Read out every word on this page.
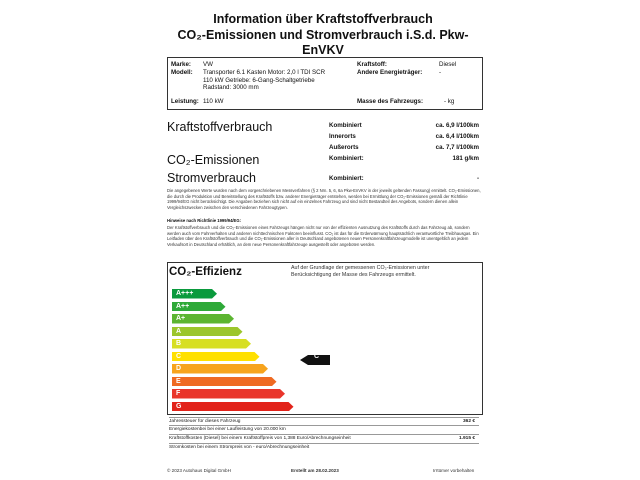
Information über Kraftstoffverbrauch
CO₂-Emissionen und Stromverbrauch i.S.d. Pkw-EnVKV
Marke: VW
Modell: Transporter 6.1 Kasten Motor: 2,0 l TDI SCR
110 kW Getriebe: 6-Gang-Schaltgetriebe
Radstand: 3000 mm
Leistung: 110 kW
Kraftstoff:	Diesel
Andere Energieträger:	-
Masse des Fahrzeugs:	- kg
Kraftstoffverbrauch	Kombiniert	ca. 6,9 l/100km
Innerorts	ca. 6,4 l/100km
Außerorts	ca. 7,7 l/100km
CO₂-Emissionen	Kombiniert:	181 g/km
Stromverbrauch	Kombiniert:	-
Die angegebenen Werte wurden nach dem vorgeschriebenen Messverfahren (§ 2 Nrn. 5, 6, 6a Pkw-EnVKV in der jeweils geltenden Fassung) ermittelt. CO₂-Emissionen, die durch die Produktion und Bereitstellung des Kraftstoffs bzw. anderer Energieträger entstehen, werden bei Ermittlung der CO₂-Emissionen gemäß der Richtlinie 1999/94/EG nicht berücksichtigt. Die Angaben beziehen sich nicht auf ein einzelnes Fahrzeug und sind nicht Bestandteil des Angebots, sondern dienen allein Vergleichszwecken zwischen den verschiedenen Fahrzeugtypen.
Hinweise nach Richtlinie 1999/94/EG:
Der Kraftstoffverbrauch und die CO₂-Emissionen eines Fahrzeugs hängen nicht nur von der effizienten Ausnutzung des Kraftstoffs durch das Fahrzeug ab, sondern werden auch vom Fahrverhalten und anderen nichttechnischen Faktoren beeinflusst. CO₂ ist das für die Erderwärmung hauptsächlich verantwortliche Treibhausgas. Ein Leitfaden über den Kraftstoffverbrauch und die CO₂-Emissionen aller in Deutschland angebotenen neuen Personenkraftfahrzeugmodelle ist unentgeltlich an jedem Verkaufsort in Deutschland erhältlich, an dem neue Personenkraftfahrzeuge ausgestellt oder angeboten werden.
CO₂-Effizienz	Auf der Grundlage der gemessenen CO₂-Emissionen unter Berücksichtigung der Masse des Fahrzeugs ermittelt.
A+++
A++
A+
A
B
C
D
E
F
G
C
Jahressteuer für dieses Fahrzeug	362 €
Energiekostenbei bei einer Laufleistung von 20.000 km
Kraftstoffkosten (Diesel) bei einem Kraftstoffpreis von 1,388 Euro/Abrechnungseinheit	1.915 €
Stromkosten bei einem Strompreis von - euro/Abrechnungseinheit
© 2023 Autohaus Digital GmbH	Erstellt am 28.02.2023	Irrtümer vorbehalten
